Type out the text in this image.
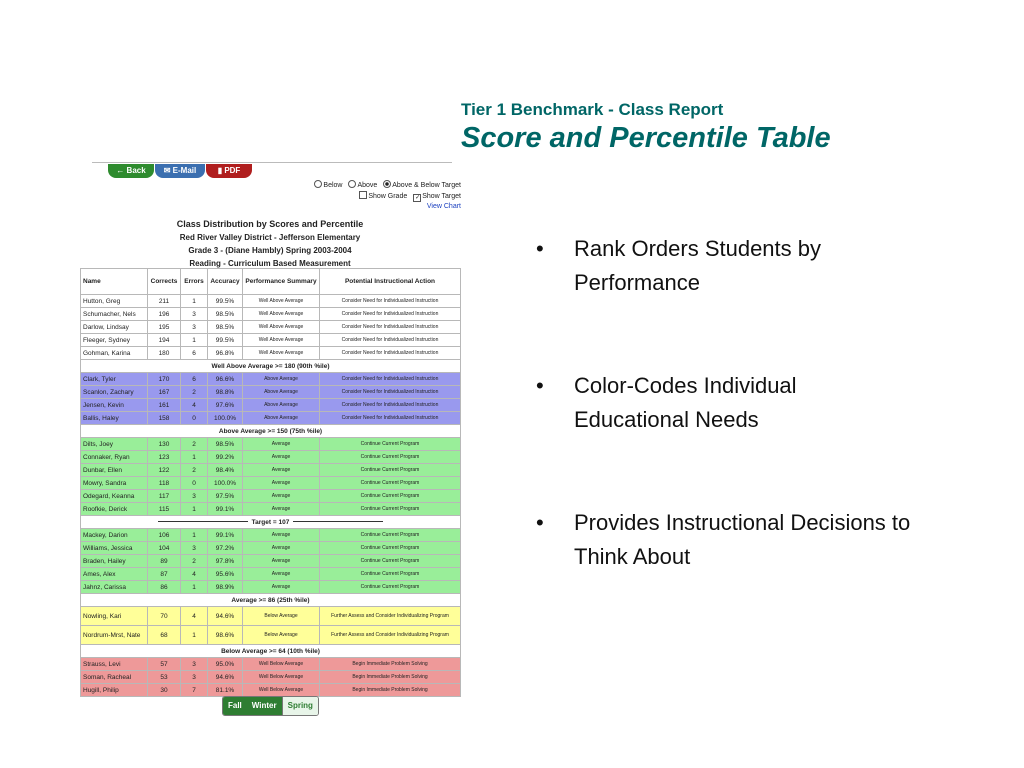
Tier 1 Benchmark - Class Report
Score and Percentile Table
• Rank Orders Students by Performance
• Color-Codes Individual Educational Needs
• Provides Instructional Decisions to Think About
← Back	✉ E-Mail	▮ PDF
Below Above Above & Below Target
Show Grade ✓ Show Target
View Chart
Class Distribution by Scores and Percentile
Red River Valley District - Jefferson Elementary
Grade 3 - (Diane Hambly) Spring 2003-2004
Reading - Curriculum Based Measurement
Name	Corrects	Errors	Accuracy	Performance Summary	Potential Instructional Action
Hutton, Greg	211	1	99.5%	Well Above Average	Consider Need for Individualized Instruction
Schumacher, Nels	196	3	98.5%	Well Above Average	Consider Need for Individualized Instruction
Darlow, Lindsay	195	3	98.5%	Well Above Average	Consider Need for Individualized Instruction
Fleeger, Sydney	194	1	99.5%	Well Above Average	Consider Need for Individualized Instruction
Gohman, Karina	180	6	96.8%	Well Above Average	Consider Need for Individualized Instruction
Well Above Average >= 180 (90th %ile)					
Clark, Tyler	170	6	96.6%	Above Average	Consider Need for Individualized Instruction
Scanlon, Zachary	167	2	98.8%	Above Average	Consider Need for Individualized Instruction
Jensen, Kevin	161	4	97.6%	Above Average	Consider Need for Individualized Instruction
Ballis, Haley	158	0	100.0%	Above Average	Consider Need for Individualized Instruction
Above Average >= 150 (75th %ile)					
Dilts, Joey	130	2	98.5%	Average	Continue Current Program
Connaker, Ryan	123	1	99.2%	Average	Continue Current Program
Dunbar, Ellen	122	2	98.4%	Average	Continue Current Program
Mowry, Sandra	118	0	100.0%	Average	Continue Current Program
Odegard, Keanna	117	3	97.5%	Average	Continue Current Program
Roofkie, Derick	115	1	99.1%	Average	Continue Current Program
Target = 107					
Mackey, Darion	106	1	99.1%	Average	Continue Current Program
Williams, Jessica	104	3	97.2%	Average	Continue Current Program
Braden, Hailey	89	2	97.8%	Average	Continue Current Program
Ames, Alex	87	4	95.6%	Average	Continue Current Program
Jahnz, Carissa	86	1	98.9%	Average	Continue Current Program
Average >= 86 (25th %ile)					
Nowling, Kari	70	4	94.6%	Below Average	Further Assess and Consider Individualizing Program
Nordrum-Mrst, Nate	68	1	98.6%	Below Average	Further Assess and Consider Individualizing Program
Below Average >= 64 (10th %ile)					
Strauss, Levi	57	3	95.0%	Well Below Average	Begin Immediate Problem Solving
Soman, Racheal	53	3	94.6%	Well Below Average	Begin Immediate Problem Solving
Hugill, Philip	30	7	81.1%	Well Below Average	Begin Immediate Problem Solving
Fall	Winter	Spring
